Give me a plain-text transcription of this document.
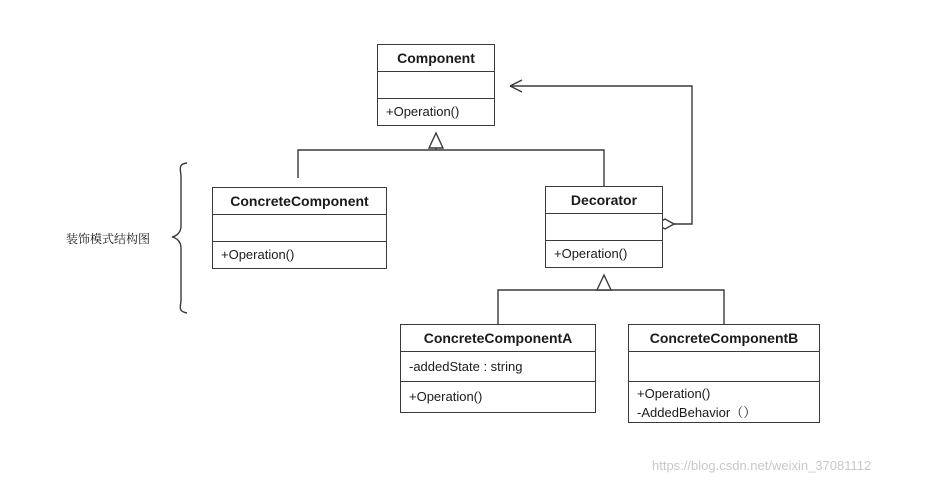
Component

+Operation()
ConcreteComponent

+Operation()
Decorator

+Operation()
ConcreteComponentA
-addedState : string
+Operation()
ConcreteComponentB

+Operation()
-AddedBehavior（）
装饰模式结构图
https://blog.csdn.net/weixin_37081112
